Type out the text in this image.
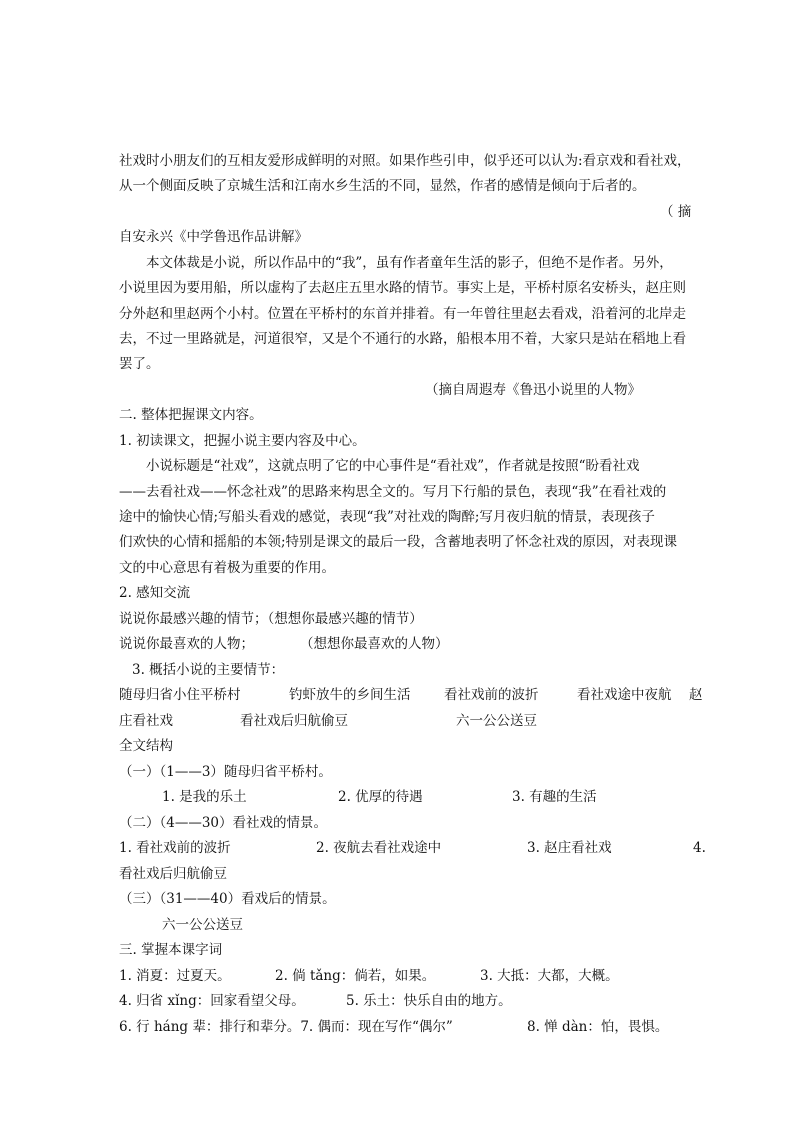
社戏时小朋友们的互相友爱形成鲜明的对照。如果作些引申，似乎还可以认为:看京戏和看社戏，
从一个侧面反映了京城生活和江南水乡生活的不同，显然，作者的感情是倾向于后者的。
（ 摘
自安永兴《中学鲁迅作品讲解》
本文体裁是小说，所以作品中的“我”，虽有作者童年生活的影子，但绝不是作者。另外，
小说里因为要用船，所以虚构了去赵庄五里水路的情节。事实上是，平桥村原名安桥头，赵庄则
分外赵和里赵两个小村。位置在平桥村的东首并排着。有一年曾往里赵去看戏，沿着河的北岸走
去，不过一里路就是，河道很窄，又是个不通行的水路，船根本用不着，大家只是站在稻地上看
罢了。
（摘自周遐寿《鲁迅小说里的人物》
二. 整体把握课文内容。
1. 初读课文，把握小说主要内容及中心。
小说标题是“社戏”，这就点明了它的中心事件是“看社戏”，作者就是按照“盼看社戏
——去看社戏——怀念社戏”的思路来构思全文的。写月下行船的景色，表现“我”在看社戏的
途中的愉快心情;写船头看戏的感觉，表现“我”对社戏的陶醉;写月夜归航的情景，表现孩子
们欢快的心情和摇船的本领;特别是课文的最后一段，含蓄地表明了怀念社戏的原因，对表现课
文的中心意思有着极为重要的作用。
2. 感知交流
说说你最感兴趣的情节；（想想你最感兴趣的情节）
说说你最喜欢的人物；	（想想你最喜欢的人物）
3. 概括小说的主要情节：
随母归省小住平桥村	钓虾放牛的乡间生活 看社戏前的波折	看社戏途中夜航 赵
庄看社戏	看社戏后归航偷豆	六一公公送豆
全文结构
（一）（1——3）随母归省平桥村。
1. 是我的乐土	2. 优厚的待遇	3. 有趣的生活
（二）（4——30）看社戏的情景。
1. 看社戏前的波折	2. 夜航去看社戏途中	3. 赵庄看社戏	4.
看社戏后归航偷豆
（三）（31——40）看戏后的情景。
六一公公送豆
三. 掌握本课字词
1. 消夏：过夏天。	2. 倘 tǎng：倘若，如果。	3. 大抵：大都，大概。
4. 归省 xǐng：回家看望父母。	5. 乐土：快乐自由的地方。
6. 行 háng 辈：排行和辈分。7. 偶而：现在写作“偶尔”	8. 惮 dàn：怕，畏惧。
